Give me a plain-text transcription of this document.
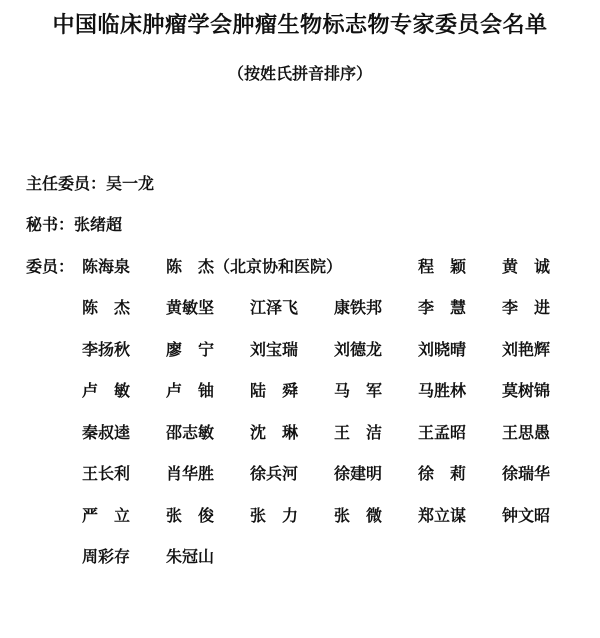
中国临床肿瘤学会肿瘤生物标志物专家委员会名单
（按姓氏拼音排序）
主任委员：吴一龙
秘书：张绪超
委员： 陈海泉 陈　杰（北京协和医院）	程　颖 黄　诚
陈　杰 黄敏坚 江泽飞 康铁邦 李　慧 李　进
李扬秋 廖　宁 刘宝瑞 刘德龙 刘晓晴 刘艳辉
卢　敏 卢　铀 陆　舜 马　军 马胜林 莫树锦
秦叔逵 邵志敏 沈　琳 王　洁 王孟昭 王思愚
王长利 肖华胜 徐兵河 徐建明 徐　莉 徐瑞华
严　立 张　俊 张　力 张　微 郑立谋 钟文昭
周彩存 朱冠山
